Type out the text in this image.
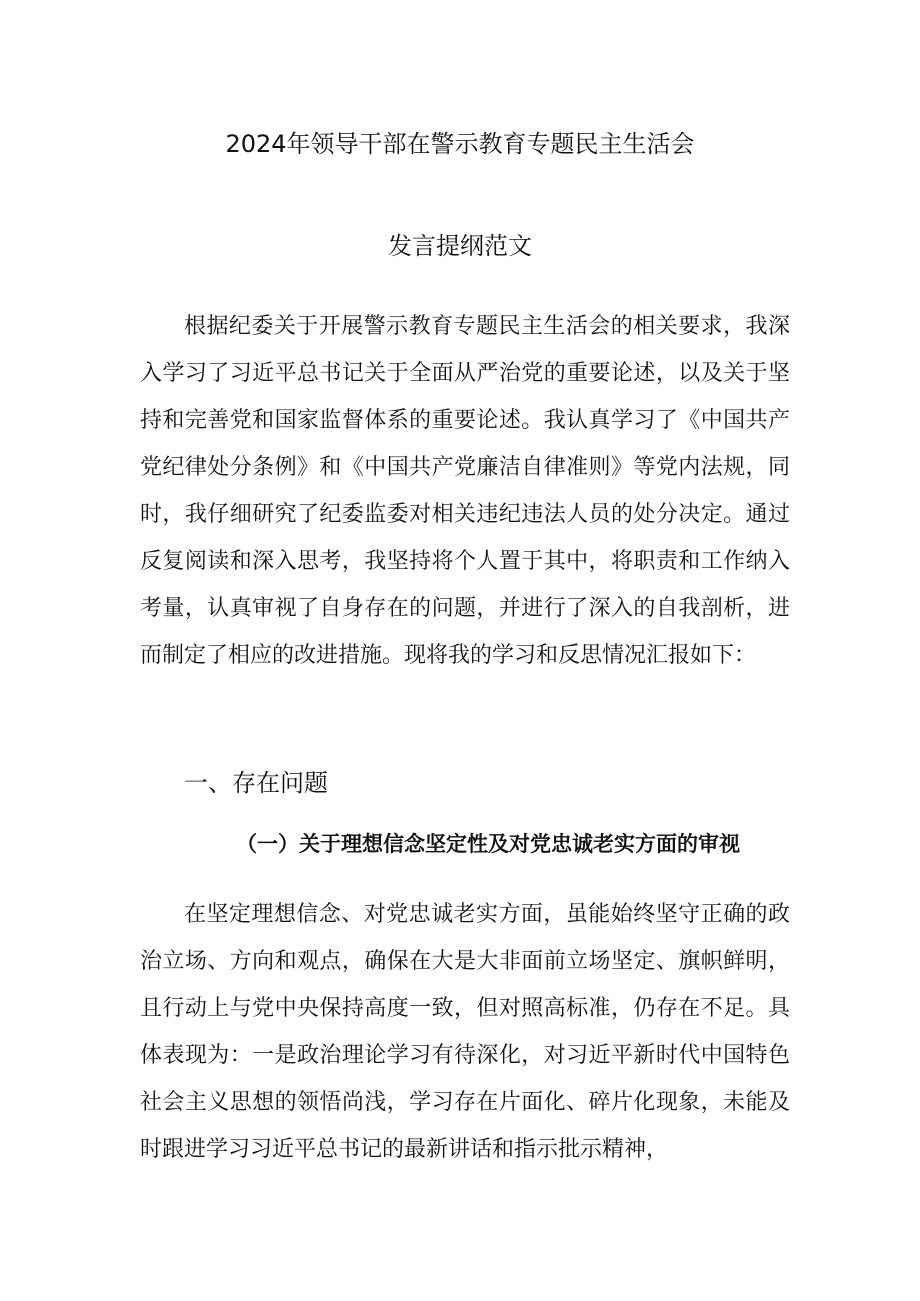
2024年领导干部在警示教育专题民主生活会
发言提纲范文

根据纪委关于开展警示教育专题民主生活会的相关要求，我深入学习了习近平总书记关于全面从严治党的重要论述，以及关于坚持和完善党和国家监督体系的重要论述。我认真学习了《中国共产党纪律处分条例》和《中国共产党廉洁自律准则》等党内法规，同时，我仔细研究了纪委监委对相关违纪违法人员的处分决定。通过反复阅读和深入思考，我坚持将个人置于其中，将职责和工作纳入考量，认真审视了自身存在的问题，并进行了深入的自我剖析，进而制定了相应的改进措施。现将我的学习和反思情况汇报如下：

一、存在问题
（一）关于理想信念坚定性及对党忠诚老实方面的审视

在坚定理想信念、对党忠诚老实方面，虽能始终坚守正确的政治立场、方向和观点，确保在大是大非面前立场坚定、旗帜鲜明，且行动上与党中央保持高度一致，但对照高标准，仍存在不足。具体表现为：一是政治理论学习有待深化，对习近平新时代中国特色社会主义思想的领悟尚浅，学习存在片面化、碎片化现象，未能及时跟进学习习近平总书记的最新讲话和指示批示精神，
